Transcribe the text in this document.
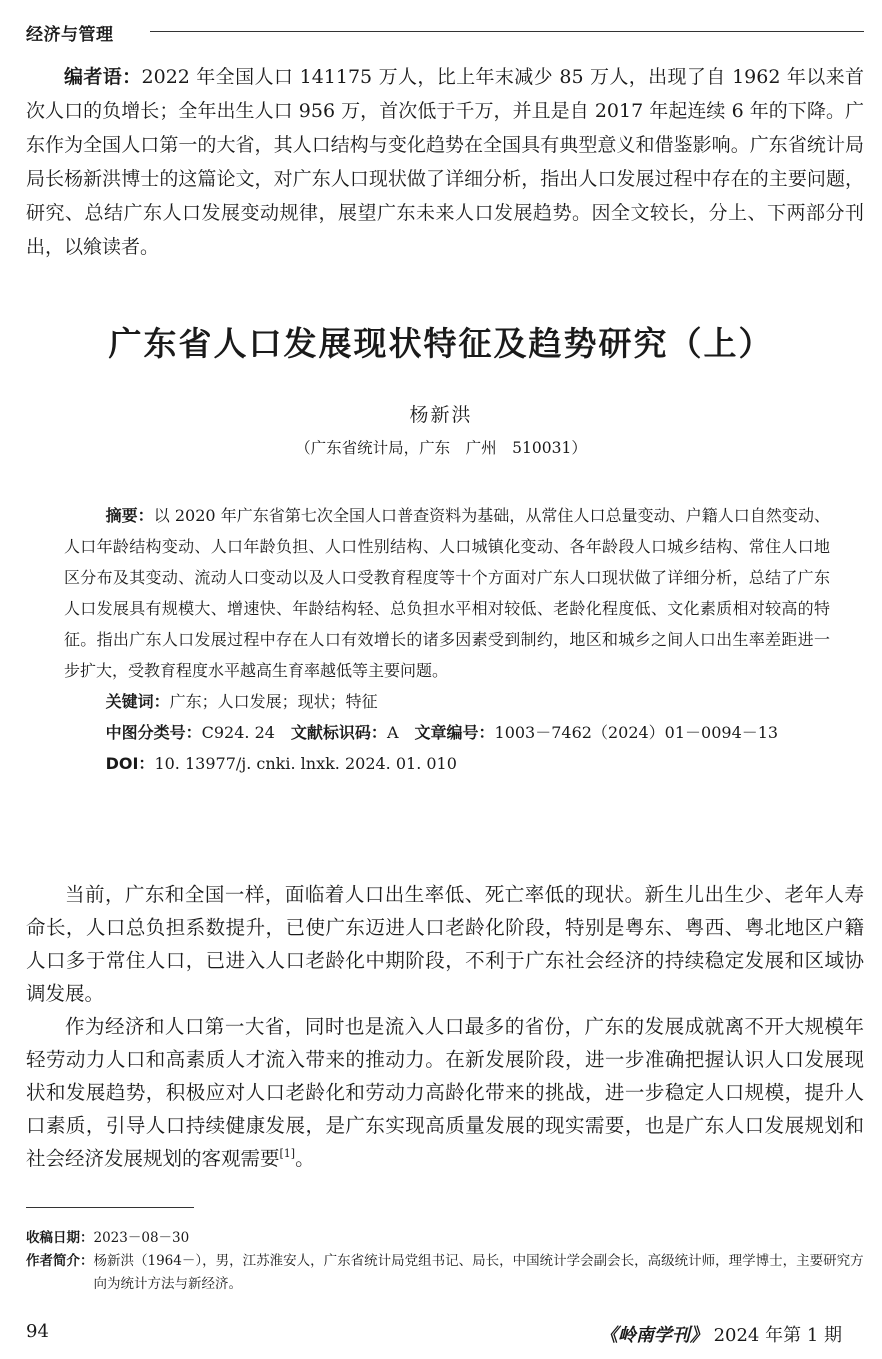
经济与管理
编者语：2022 年全国人口 141175 万人，比上年末减少 85 万人，出现了自 1962 年以来首次人口的负增长；全年出生人口 956 万，首次低于千万，并且是自 2017 年起连续 6 年的下降。广东作为全国人口第一的大省，其人口结构与变化趋势在全国具有典型意义和借鉴影响。广东省统计局局长杨新洪博士的这篇论文，对广东人口现状做了详细分析，指出人口发展过程中存在的主要问题，研究、总结广东人口发展变动规律，展望广东未来人口发展趋势。因全文较长，分上、下两部分刊出，以飨读者。
广东省人口发展现状特征及趋势研究（上）
杨新洪
（广东省统计局，广东　广州　510031）

摘要：以 2020 年广东省第七次全国人口普查资料为基础，从常住人口总量变动、户籍人口自然变动、人口年龄结构变动、人口年龄负担、人口性别结构、人口城镇化变动、各年龄段人口城乡结构、常住人口地区分布及其变动、流动人口变动以及人口受教育程度等十个方面对广东人口现状做了详细分析，总结了广东人口发展具有规模大、增速快、年龄结构轻、总负担水平相对较低、老龄化程度低、文化素质相对较高的特征。指出广东人口发展过程中存在人口有效增长的诸多因素受到制约，地区和城乡之间人口出生率差距进一步扩大，受教育程度水平越高生育率越低等主要问题。

关键词：广东；人口发展；现状；特征

中图分类号：C924. 24 文献标识码：A 文章编号：1003－7462（2024）01－0094－13

DOI：10. 13977/j. cnki. lnxk. 2024. 01. 010

当前，广东和全国一样，面临着人口出生率低、死亡率低的现状。新生儿出生少、老年人寿命长，人口总负担系数提升，已使广东迈进人口老龄化阶段，特别是粤东、粤西、粤北地区户籍人口多于常住人口，已进入人口老龄化中期阶段，不利于广东社会经济的持续稳定发展和区域协调发展。

作为经济和人口第一大省，同时也是流入人口最多的省份，广东的发展成就离不开大规模年轻劳动力人口和高素质人才流入带来的推动力。在新发展阶段，进一步准确把握认识人口发展现状和发展趋势，积极应对人口老龄化和劳动力高龄化带来的挑战，进一步稳定人口规模，提升人口素质，引导人口持续健康发展，是广东实现高质量发展的现实需要，也是广东人口发展规划和社会经济发展规划的客观需要[1]。

收稿日期： 2023－08－30
作者简介： 杨新洪（1964－），男，江苏淮安人，广东省统计局党组书记、局长，中国统计学会副会长，高级统计师，理学博士，主要研究方向为统计方法与新经济。
94	《岭南学刊》 2024 年第 1 期
